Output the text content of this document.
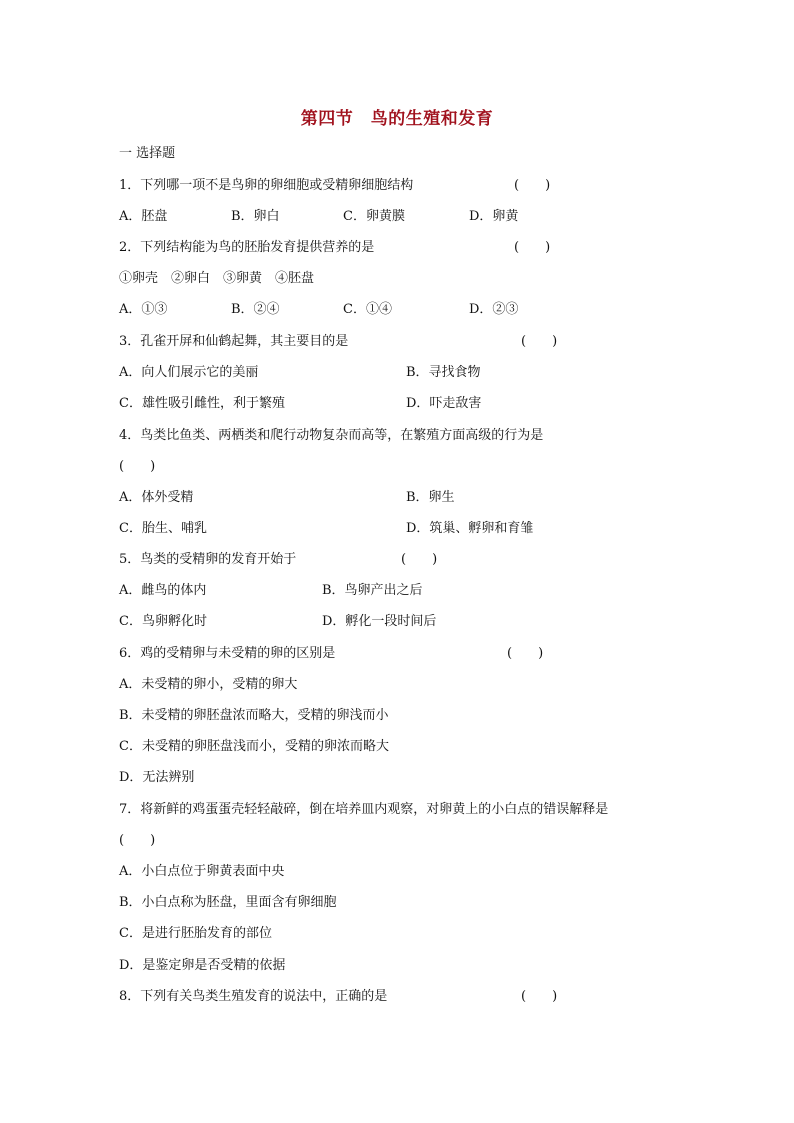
第四节　鸟的生殖和发育
一 选择题
1．下列哪一项不是鸟卵的卵细胞或受精卵细胞结构	(　　)
A．胚盘	B．卵白	C．卵黄膜	D．卵黄
2．下列结构能为鸟的胚胎发育提供营养的是	(　　)
①卵壳　②卵白　③卵黄　④胚盘
A．①③	B．②④	C．①④	D．②③
3．孔雀开屏和仙鹤起舞，其主要目的是	(　　)
A．向人们展示它的美丽	B．寻找食物
C．雄性吸引雌性，利于繁殖	D．吓走敌害
4．鸟类比鱼类、两栖类和爬行动物复杂而高等，在繁殖方面高级的行为是
(　　)
A．体外受精	B．卵生
C．胎生、哺乳	D．筑巢、孵卵和育雏
5．鸟类的受精卵的发育开始于	(　　)
A．雌鸟的体内	B．鸟卵产出之后
C．鸟卵孵化时	D．孵化一段时间后
6．鸡的受精卵与未受精的卵的区别是	(　　)
A．未受精的卵小，受精的卵大
B．未受精的卵胚盘浓而略大，受精的卵浅而小
C．未受精的卵胚盘浅而小，受精的卵浓而略大
D．无法辨别
7．将新鲜的鸡蛋蛋壳轻轻敲碎，倒在培养皿内观察，对卵黄上的小白点的错误解释是
(　　)
A．小白点位于卵黄表面中央
B．小白点称为胚盘，里面含有卵细胞
C．是进行胚胎发育的部位
D．是鉴定卵是否受精的依据
8．下列有关鸟类生殖发育的说法中，正确的是	(　　)
